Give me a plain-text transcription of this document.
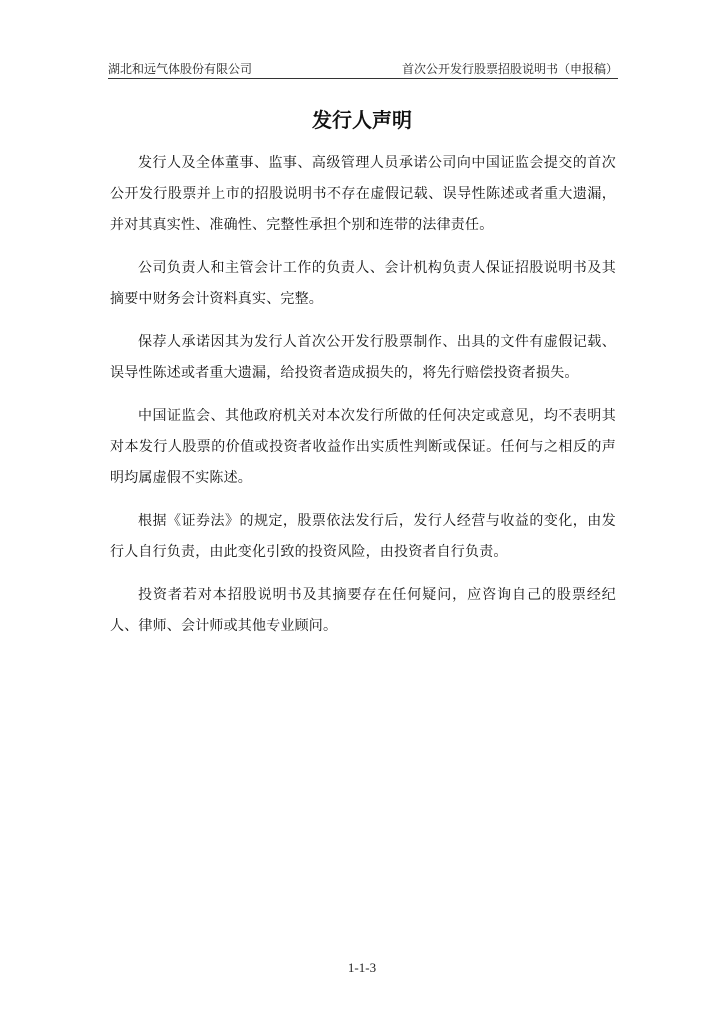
湖北和远气体股份有限公司	首次公开发行股票招股说明书（申报稿）
发行人声明

发行人及全体董事、监事、高级管理人员承诺公司向中国证监会提交的首次公开发行股票并上市的招股说明书不存在虚假记载、误导性陈述或者重大遗漏，并对其真实性、准确性、完整性承担个别和连带的法律责任。

公司负责人和主管会计工作的负责人、会计机构负责人保证招股说明书及其摘要中财务会计资料真实、完整。

保荐人承诺因其为发行人首次公开发行股票制作、出具的文件有虚假记载、误导性陈述或者重大遗漏，给投资者造成损失的，将先行赔偿投资者损失。

中国证监会、其他政府机关对本次发行所做的任何决定或意见，均不表明其对本发行人股票的价值或投资者收益作出实质性判断或保证。任何与之相反的声明均属虚假不实陈述。

根据《证券法》的规定，股票依法发行后，发行人经营与收益的变化，由发行人自行负责，由此变化引致的投资风险，由投资者自行负责。

投资者若对本招股说明书及其摘要存在任何疑问，应咨询自己的股票经纪人、律师、会计师或其他专业顾问。

1-1-3
